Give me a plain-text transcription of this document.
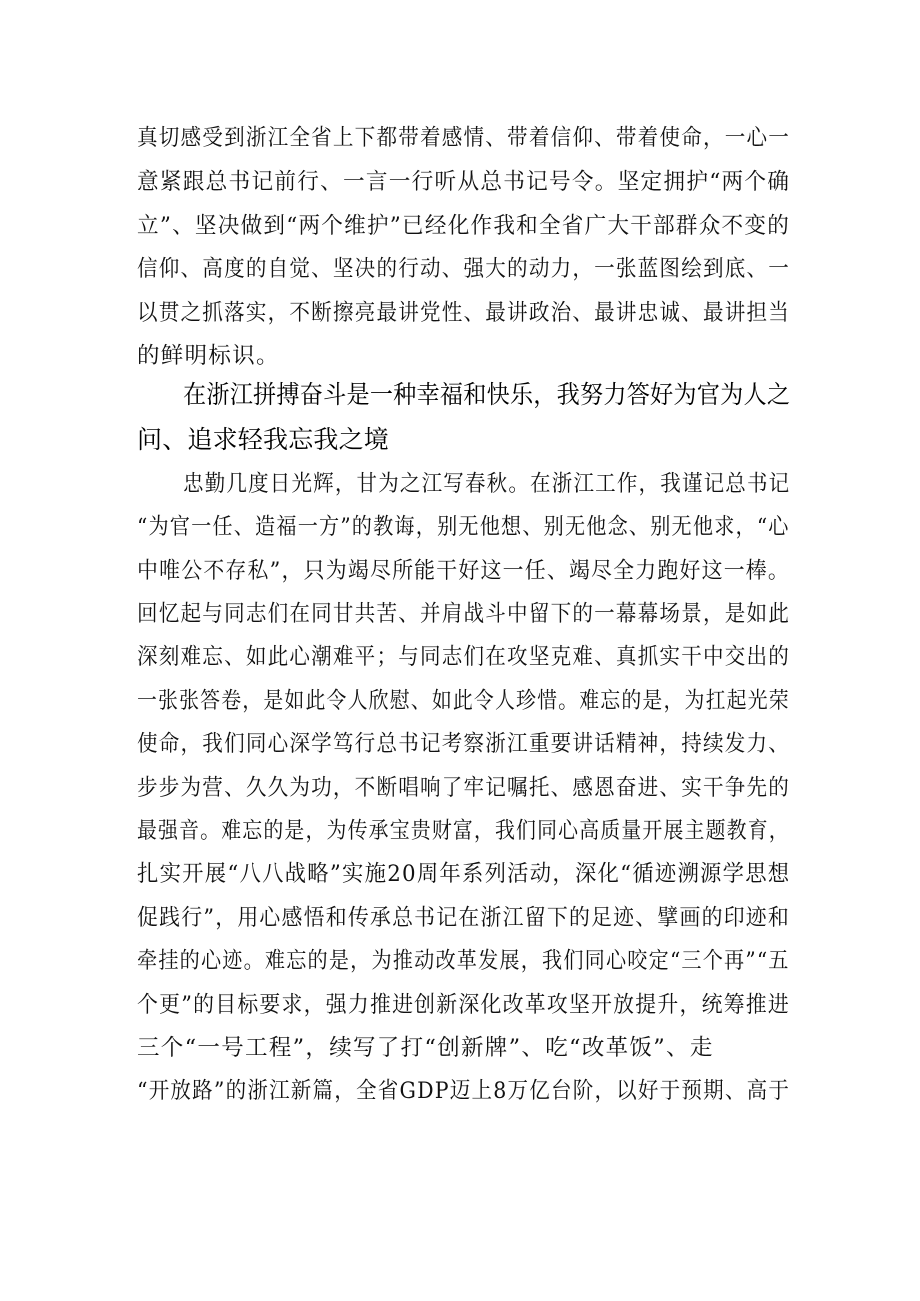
真切感受到浙江全省上下都带着感情、带着信仰、带着使命，一心一
意紧跟总书记前行、一言一行听从总书记号令。坚定拥护“两个确
立”、坚决做到“两个维护”已经化作我和全省广大干部群众不变的
信仰、高度的自觉、坚决的行动、强大的动力，一张蓝图绘到底、一
以贯之抓落实，不断擦亮最讲党性、最讲政治、最讲忠诚、最讲担当
的鲜明标识。
在浙江拼搏奋斗是一种幸福和快乐，我努力答好为官为人之
问、追求轻我忘我之境
忠勤几度日光辉，甘为之江写春秋。在浙江工作，我谨记总书记
“为官一任、造福一方”的教诲，别无他想、别无他念、别无他求，“心
中唯公不存私”，只为竭尽所能干好这一任、竭尽全力跑好这一棒。
回忆起与同志们在同甘共苦、并肩战斗中留下的一幕幕场景，是如此
深刻难忘、如此心潮难平；与同志们在攻坚克难、真抓实干中交出的
一张张答卷，是如此令人欣慰、如此令人珍惜。难忘的是，为扛起光荣
使命，我们同心深学笃行总书记考察浙江重要讲话精神，持续发力、
步步为营、久久为功，不断唱响了牢记嘱托、感恩奋进、实干争先的
最强音。难忘的是，为传承宝贵财富，我们同心高质量开展主题教育，
扎实开展“八八战略”实施20周年系列活动，深化“循迹溯源学思想
促践行”，用心感悟和传承总书记在浙江留下的足迹、擘画的印迹和
牵挂的心迹。难忘的是，为推动改革发展，我们同心咬定“三个再”“五
个更”的目标要求，强力推进创新深化改革攻坚开放提升，统筹推进
三个“一号工程”，续写了打“创新牌”、吃“改革饭”、走
“开放路”的浙江新篇，全省GDP迈上8万亿台阶，以好于预期、高于
